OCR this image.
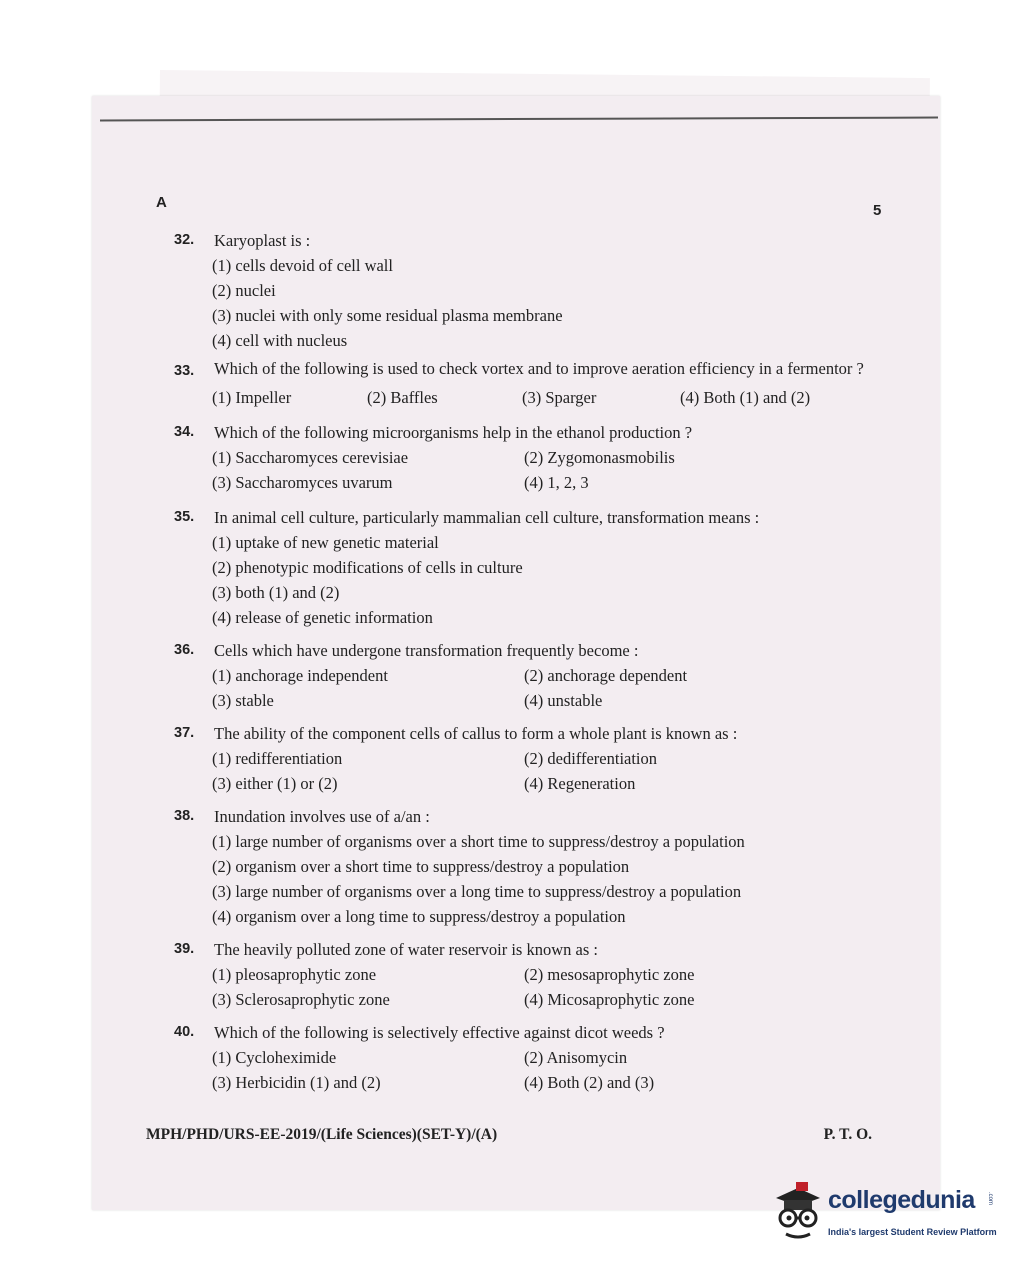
A	5
32. Karyoplast is :
(1) cells devoid of cell wall
(2) nuclei
(3) nuclei with only some residual plasma membrane
(4) cell with nucleus
33. Which of the following is used to check vortex and to improve aeration efficiency in a fermentor ?
(1) Impeller	(2) Baffles	(3) Sparger	(4) Both (1) and (2)
34. Which of the following microorganisms help in the ethanol production ?
(1) Saccharomyces cerevisiae	(2) Zygomonasmobilis
(3) Saccharomyces uvarum	(4) 1, 2, 3
35. In animal cell culture, particularly mammalian cell culture, transformation means :
(1) uptake of new genetic material
(2) phenotypic modifications of cells in culture
(3) both (1) and (2)
(4) release of genetic information
36. Cells which have undergone transformation frequently become :
(1) anchorage independent	(2) anchorage dependent
(3) stable	(4) unstable
37. The ability of the component cells of callus to form a whole plant is known as :
(1) redifferentiation	(2) dedifferentiation
(3) either (1) or (2)	(4) Regeneration
38. Inundation involves use of a/an :
(1) large number of organisms over a short time to suppress/destroy a population
(2) organism over a short time to suppress/destroy a population
(3) large number of organisms over a long time to suppress/destroy a population
(4) organism over a long time to suppress/destroy a population
39. The heavily polluted zone of water reservoir is known as :
(1) pleosaprophytic zone	(2) mesosaprophytic zone
(3) Sclerosaprophytic zone	(4) Micosaprophytic zone
40. Which of the following is selectively effective against dicot weeds ?
(1) Cycloheximide	(2) Anisomycin
(3) Herbicidin (1) and (2)	(4) Both (2) and (3)
MPH/PHD/URS-EE-2019/(Life Sciences)(SET-Y)/(A)	P. T. O.
collegedunia .com
India's largest Student Review Platform
